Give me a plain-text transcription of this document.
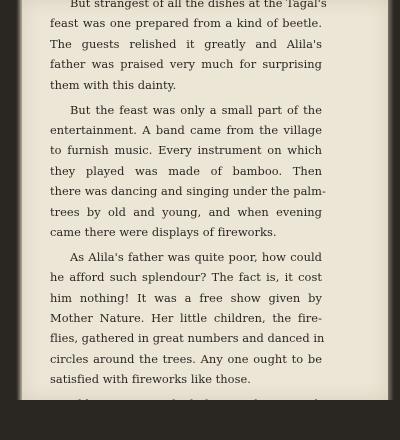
But strangest of all the dishes at the Tagal's
feast was one prepared from a kind of beetle.
The guests relished it greatly and Alila's
father was praised very much for surprising
them with this dainty.
But the feast was only a small part of the
entertainment. A band came from the village
to furnish music. Every instrument on which
they played was made of bamboo. Then
there was dancing and singing under the palm-
trees by old and young, and when evening
came there were displays of fireworks.
As Alila's father was quite poor, how could
he afford such splendour? The fact is, it cost
him nothing! It was a free show given by
Mother Nature. Her little children, the fire-
flies, gathered in great numbers and danced in
circles around the trees. Any one ought to be
satisfied with fireworks like those.
Alila's eyes watched the people eat with
their fingers and looked at the lights dancing
